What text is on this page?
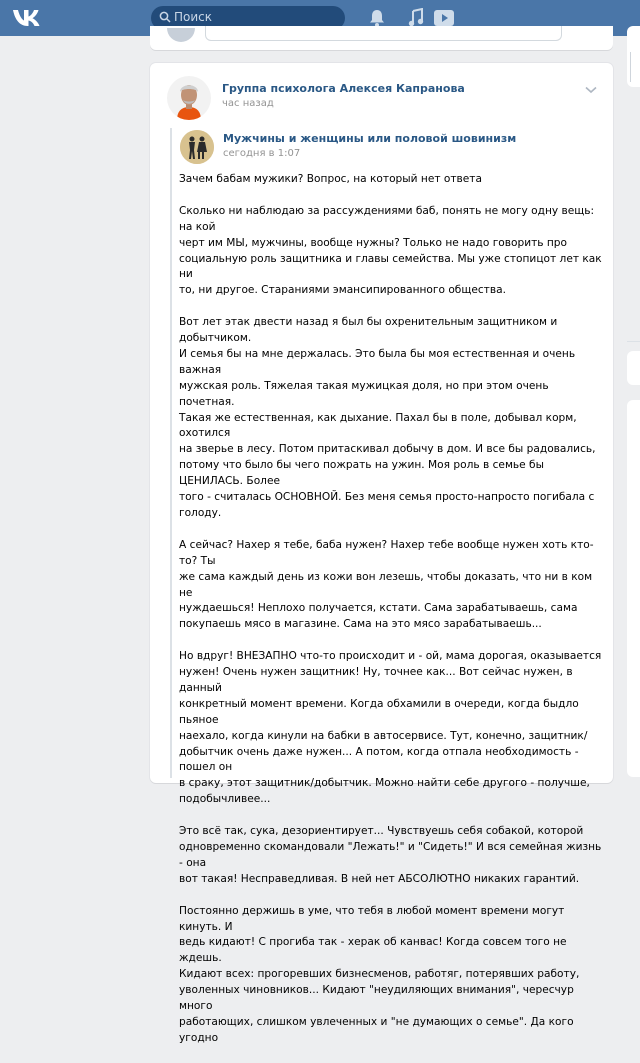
Поиск
Группа психолога Алексея Капранова
час назад
Мужчины и женщины или половой шовинизм
сегодня в 1:07

Зачем бабам мужики? Вопрос, на который нет ответа

Сколько ни наблюдаю за рассуждениями баб, понять не могу одну вещь: на кой
черт им МЫ, мужчины, вообще нужны? Только не надо говорить про
социальную роль защитника и главы семейства. Мы уже стопицот лет как ни
то, ни другое. Стараниями эмансипированного общества.

Вот лет этак двести назад я был бы охренительным защитником и добытчиком.
И семья бы на мне держалась. Это была бы моя естественная и очень важная
мужская роль. Тяжелая такая мужицкая доля, но при этом очень почетная.
Такая же естественная, как дыхание. Пахал бы в поле, добывал корм, охотился
на зверье в лесу. Потом притаскивал добычу в дом. И все бы радовались,
потому что было бы чего пожрать на ужин. Моя роль в семье бы ЦЕНИЛАСЬ. Более
того - считалась ОСНОВНОЙ. Без меня семья просто-напросто погибала с
голоду.

А сейчас? Нахер я тебе, баба нужен? Нахер тебе вообще нужен хоть кто-то? Ты
же сама каждый день из кожи вон лезешь, чтобы доказать, что ни в ком не
нуждаешься! Неплохо получается, кстати. Сама зарабатываешь, сама
покупаешь мясо в магазине. Сама на это мясо зарабатываешь...

Но вдруг! ВНЕЗАПНО что-то происходит и - ой, мама дорогая, оказывается
нужен! Очень нужен защитник! Ну, точнее как... Вот сейчас нужен, в данный
конкретный момент времени. Когда обхамили в очереди, когда быдло пьяное
наехало, когда кинули на бабки в автосервисе. Тут, конечно, защитник/
добытчик очень даже нужен... А потом, когда отпала необходимость - пошел он
в сраку, этот защитник/добытчик. Можно найти себе другого - получше,
подобычливее...

Это всё так, сука, дезориентирует... Чувствуешь себя собакой, которой
одновременно скомандовали "Лежать!" и "Сидеть!" И вся семейная жизнь - она
вот такая! Несправедливая. В ней нет АБСОЛЮТНО никаких гарантий.

Постоянно держишь в уме, что тебя в любой момент времени могут кинуть. И
ведь кидают! С прогиба так - херак об канвас! Когда совсем того не ждешь.
Кидают всех: прогоревших бизнесменов, работяг, потерявших работу,
уволенных чиновников... Кидают "неудиляющих внимания", чересчур много
работающих, слишком увлеченных и "не думающих о семье". Да кого угодно
